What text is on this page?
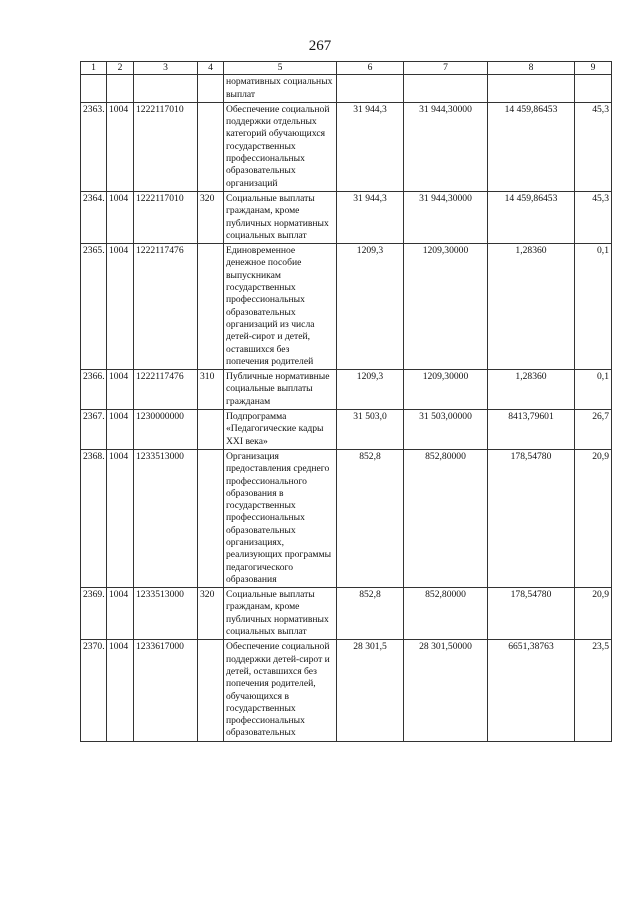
267
1	2	3	4	5	6	7	8	9
				нормативных социальных выплат				
2363.	1004	1222117010		Обеспечение социальной поддержки отдельных категорий обучающихся государственных профессиональных образовательных организаций	31 944,3	31 944,30000	14 459,86453	45,3
2364.	1004	1222117010	320	Социальные выплаты гражданам, кроме публичных нормативных социальных выплат	31 944,3	31 944,30000	14 459,86453	45,3
2365.	1004	1222117476		Единовременное денежное пособие выпускникам государственных профессиональных образовательных организаций из числа детей-сирот и детей, оставшихся без попечения родителей	1209,3	1209,30000	1,28360	0,1
2366.	1004	1222117476	310	Публичные нормативные социальные выплаты гражданам	1209,3	1209,30000	1,28360	0,1
2367.	1004	1230000000		Подпрограмма «Педагогические кадры XXI века»	31 503,0	31 503,00000	8413,79601	26,7
2368.	1004	1233513000		Организация предоставления среднего профессионального образования в государственных профессиональных образовательных организациях, реализующих программы педагогического образования	852,8	852,80000	178,54780	20,9
2369.	1004	1233513000	320	Социальные выплаты гражданам, кроме публичных нормативных социальных выплат	852,8	852,80000	178,54780	20,9
2370.	1004	1233617000		Обеспечение социальной поддержки детей-сирот и детей, оставшихся без попечения родителей, обучающихся в государственных профессиональных образовательных	28 301,5	28 301,50000	6651,38763	23,5
